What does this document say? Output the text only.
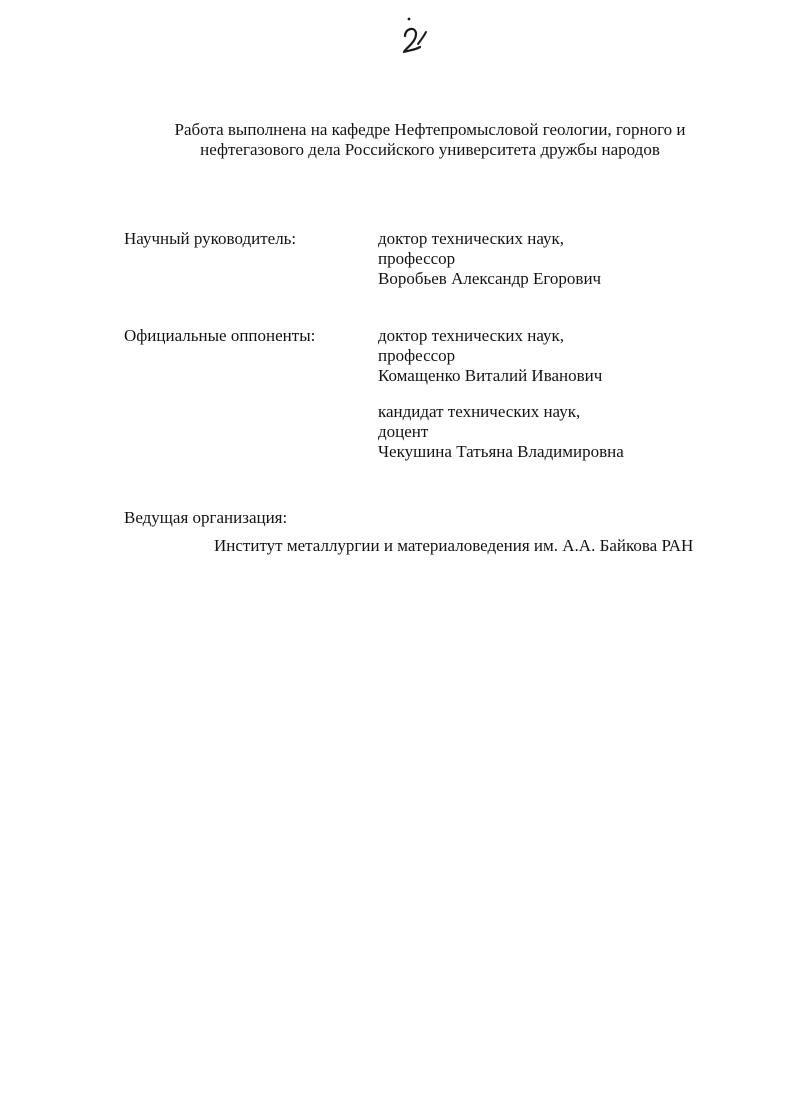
Работа выполнена на кафедре Нефтепромысловой геологии, горного и
нефтегазового дела Российского университета дружбы народов
Научный руководитель:	доктор технических наук,
профессор
Воробьев Александр Егорович
Официальные оппоненты:	доктор технических наук,
профессор
Комащенко Виталий Иванович
кандидат технических наук,
доцент
Чекушина Татьяна Владимировна
Ведущая организация:
Институт металлургии и материаловедения им. А.А. Байкова РАН
